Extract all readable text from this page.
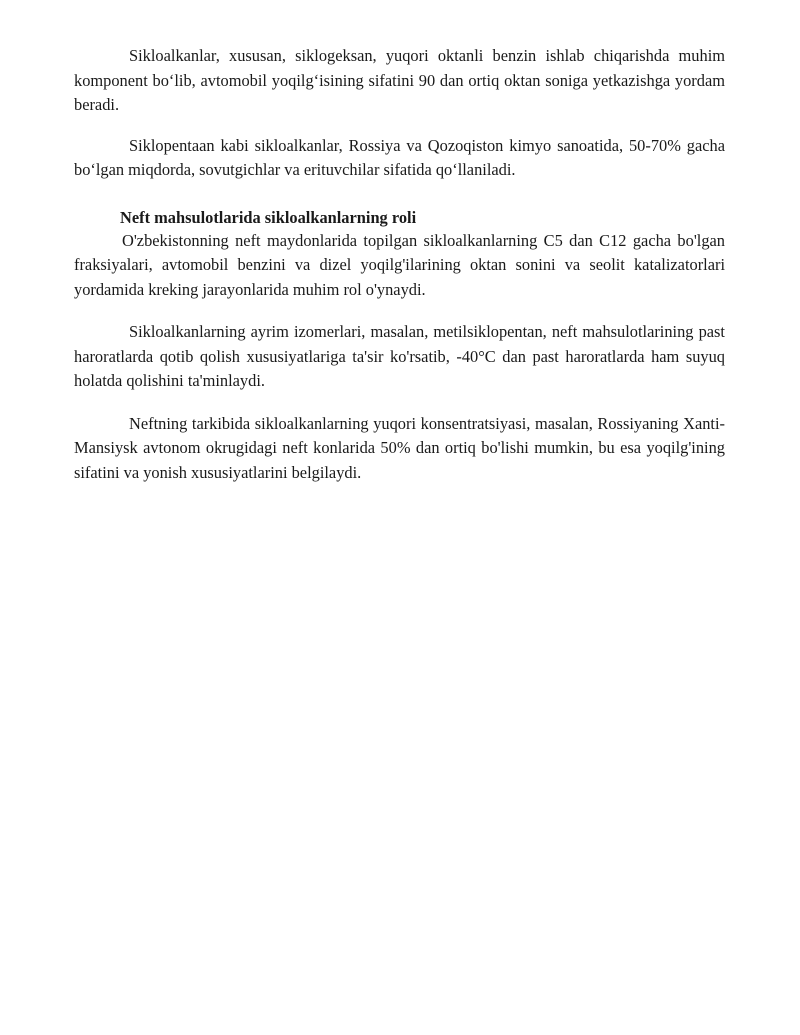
Sikloalkanlar, xususan, siklogeksan, yuqori oktanli benzin ishlab chiqarishda muhim komponent bo‘lib, avtomobil yoqilg‘isining sifatini 90 dan ortiq oktan soniga yetkazishga yordam beradi.

Siklopentaan kabi sikloalkanlar, Rossiya va Qozoqiston kimyo sanoatida, 50-70% gacha bo‘lgan miqdorda, sovutgichlar va erituvchilar sifatida qo‘llaniladi.

Neft mahsulotlarida sikloalkanlarning roli

O'zbekistonning neft maydonlarida topilgan sikloalkanlarning C5 dan C12 gacha bo'lgan fraksiyalari, avtomobil benzini va dizel yoqilg'ilarining oktan sonini va seolit katalizatorlari yordamida kreking jarayonlarida muhim rol o'ynaydi.

Sikloalkanlarning ayrim izomerlari, masalan, metilsiklopentan, neft mahsulotlarining past haroratlarda qotib qolish xususiyatlariga ta'sir ko'rsatib, -40°C dan past haroratlarda ham suyuq holatda qolishini ta'minlaydi.

Neftning tarkibida sikloalkanlarning yuqori konsentratsiyasi, masalan, Rossiyaning Xanti-Mansiysk avtonom okrugidagi neft konlarida 50% dan ortiq bo'lishi mumkin, bu esa yoqilg'ining sifatini va yonish xususiyatlarini belgilaydi.
